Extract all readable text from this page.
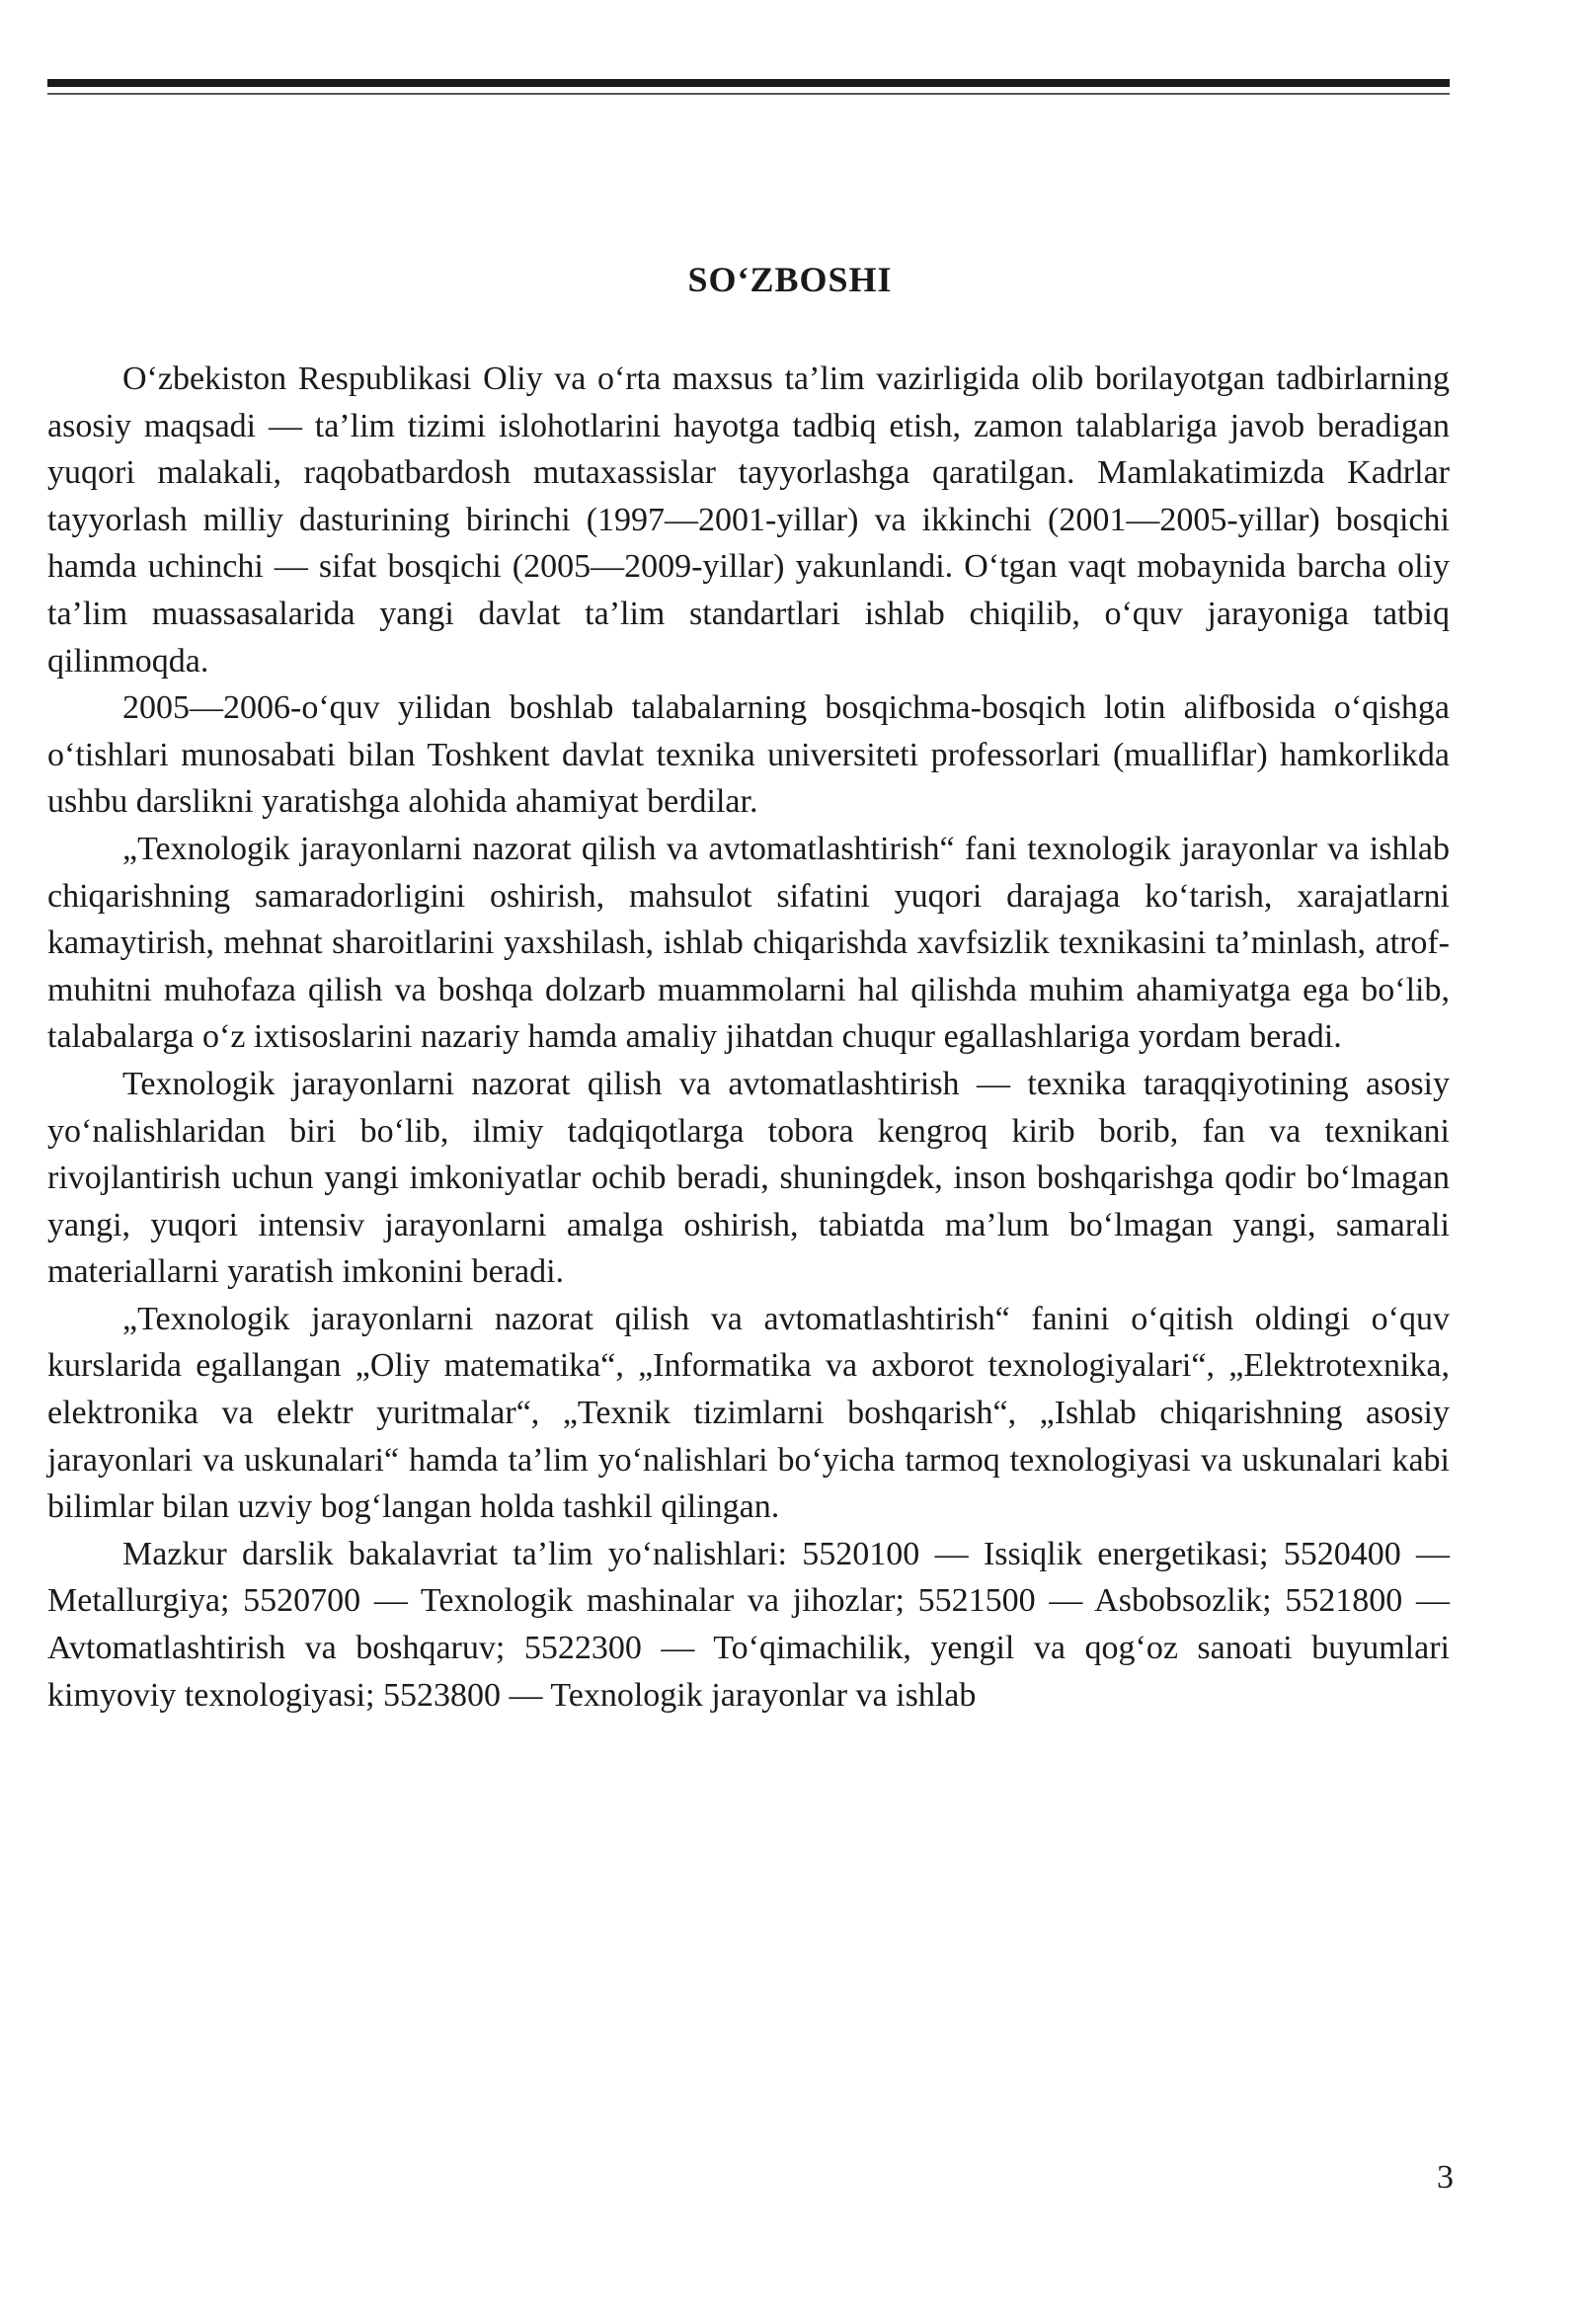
SO‘ZBOSHI

O‘zbekiston Respublikasi Oliy va o‘rta maxsus ta’lim vazirligida olib borilayotgan tadbirlarning asosiy maqsadi — ta’lim tizimi islohotlarini hayotga tadbiq etish, zamon talablariga javob beradigan yuqori malakali, raqobatbardosh mutaxassislar tayyorlashga qaratilgan. Mamlakatimizda Kadrlar tayyorlash milliy dasturining birinchi (1997—2001-yillar) va ikkinchi (2001—2005-yillar) bosqichi hamda uchinchi — sifat bosqichi (2005—2009-yillar) yakunlandi. O‘tgan vaqt mobaynida barcha oliy ta’lim muassasalarida yangi davlat ta’lim standartlari ishlab chiqilib, o‘quv jarayoniga tatbiq qilinmoqda.

2005—2006-o‘quv yilidan boshlab talabalarning bosqichma-bosqich lotin alifbosida o‘qishga o‘tishlari munosabati bilan Toshkent davlat texnika universiteti professorlari (mualliflar) hamkorlikda ushbu darslikni yaratishga alohida ahamiyat berdilar.

„Texnologik jarayonlarni nazorat qilish va avtomatlashtirish“ fani texnologik jarayonlar va ishlab chiqarishning samaradorligini oshirish, mahsulot sifatini yuqori darajaga ko‘tarish, xarajatlarni kamaytirish, mehnat sharoitlarini yaxshilash, ishlab chiqarishda xavfsizlik texnikasini ta’minlash, atrof-muhitni muhofaza qilish va boshqa dolzarb muammolarni hal qilishda muhim ahamiyatga ega bo‘lib, talabalarga o‘z ixtisoslarini nazariy hamda amaliy jihatdan chuqur egallashlariga yordam beradi.

Texnologik jarayonlarni nazorat qilish va avtomatlashtirish — texnika taraqqiyotining asosiy yo‘nalishlaridan biri bo‘lib, ilmiy tadqiqotlarga tobora kengroq kirib borib, fan va texnikani rivojlantirish uchun yangi imkoniyatlar ochib beradi, shuningdek, inson boshqarishga qodir bo‘lmagan yangi, yuqori intensiv jarayonlarni amalga oshirish, tabiatda ma’lum bo‘lmagan yangi, samarali materiallarni yaratish imkonini beradi.

„Texnologik jarayonlarni nazorat qilish va avtomatlashtirish“ fanini o‘qitish oldingi o‘quv kurslarida egallangan „Oliy matematika“, „Informatika va axborot texnologiyalari“, „Elektrotexnika, elektronika va elektr yuritmalar“, „Texnik tizimlarni boshqarish“, „Ishlab chiqarishning asosiy jarayonlari va uskunalari“ hamda ta’lim yo‘nalishlari bo‘yicha tarmoq texnologiyasi va uskunalari kabi bilimlar bilan uzviy bog‘langan holda tashkil qilingan.

Mazkur darslik bakalavriat ta’lim yo‘nalishlari: 5520100 — Issiqlik energetikasi; 5520400 — Metallurgiya; 5520700 — Texnologik mashinalar va jihozlar; 5521500 — Asbobsozlik; 5521800 — Avtomatlashtirish va boshqaruv; 5522300 — To‘qimachilik, yengil va qog‘oz sanoati buyumlari kimyoviy texnologiyasi; 5523800 — Texnologik jarayonlar va ishlab

3
